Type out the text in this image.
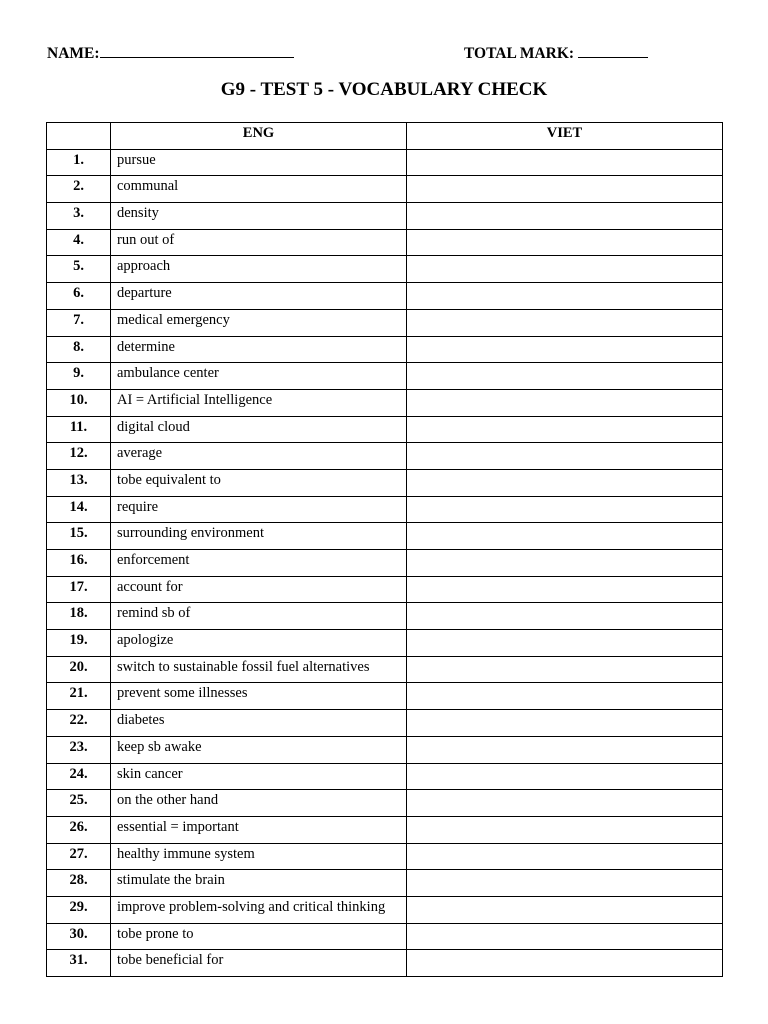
NAME:	TOTAL MARK:
G9 - TEST 5 - VOCABULARY CHECK
	ENG	VIET
1.	pursue	
2.	communal	
3.	density	
4.	run out of	
5.	approach	
6.	departure	
7.	medical emergency	
8.	determine	
9.	ambulance center	
10.	AI = Artificial Intelligence	
11.	digital cloud	
12.	average	
13.	tobe equivalent to	
14.	require	
15.	surrounding environment	
16.	enforcement	
17.	account for	
18.	remind sb of	
19.	apologize	
20.	switch to sustainable fossil fuel alternatives	
21.	prevent some illnesses	
22.	diabetes	
23.	keep sb awake	
24.	skin cancer	
25.	on the other hand	
26.	essential = important	
27.	healthy immune system	
28.	stimulate the brain	
29.	improve problem-solving and critical thinking	
30.	tobe prone to	
31.	tobe beneficial for	
